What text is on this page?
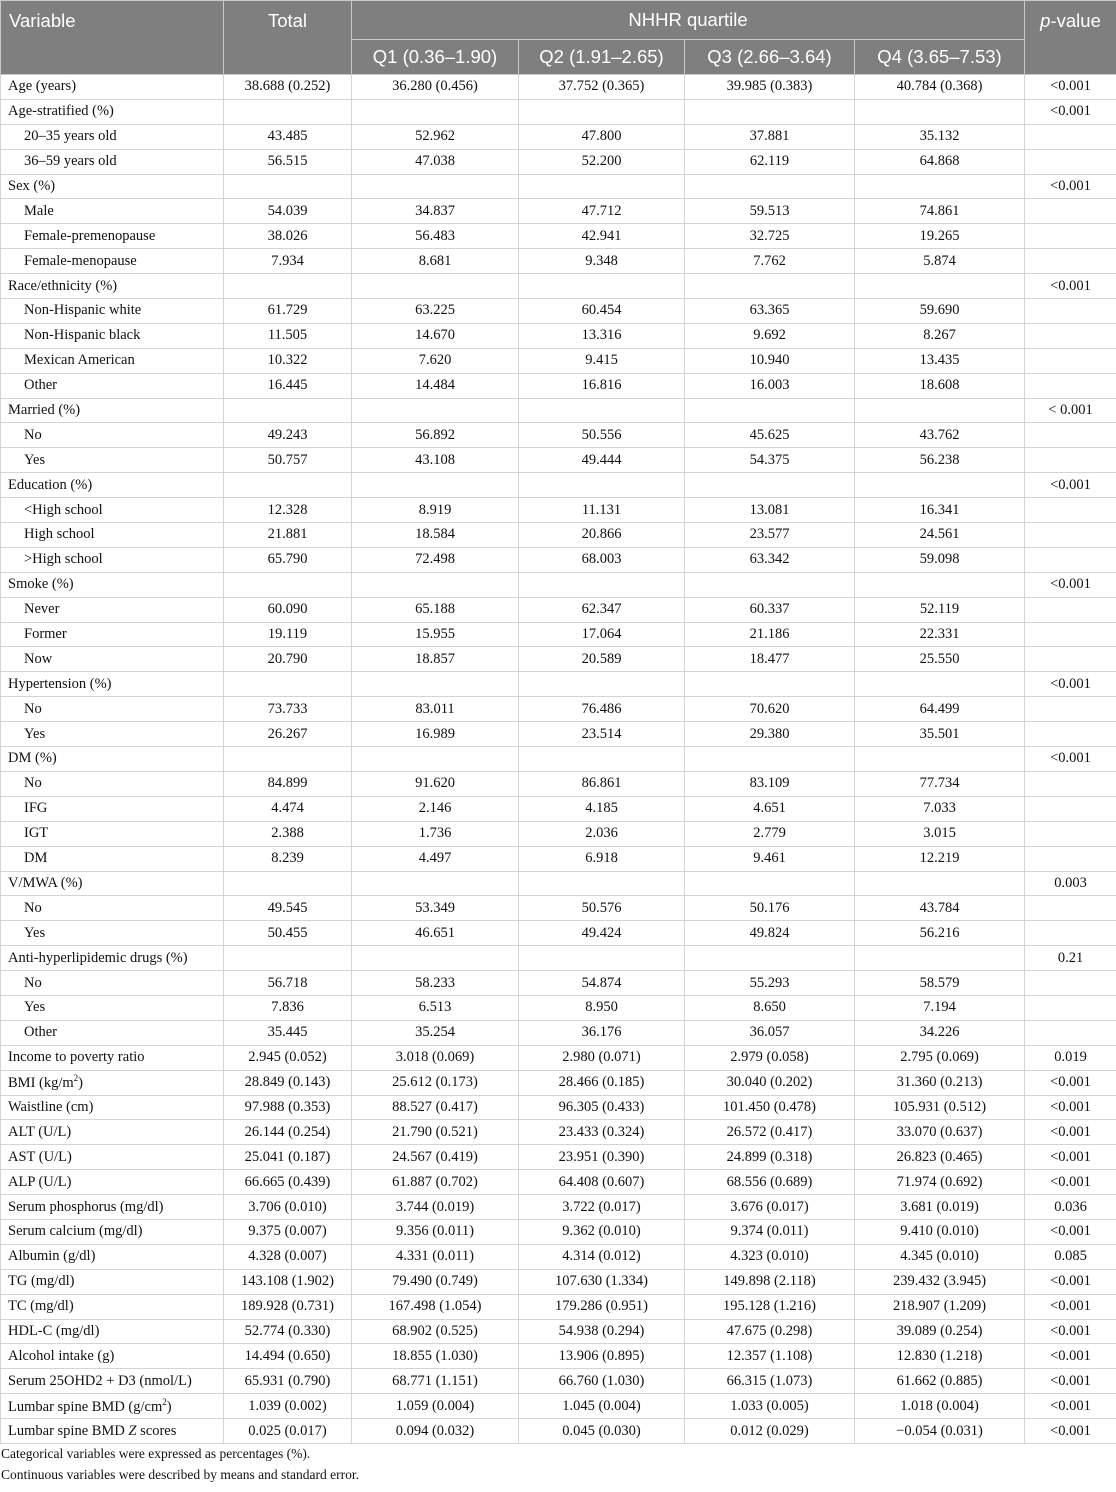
Variable	Total	NHHR quartile				p-value
		Q1 (0.36–1.90)	Q2 (1.91–2.65)	Q3 (2.66–3.64)	Q4 (3.65–7.53)	
Age (years)	38.688 (0.252)	36.280 (0.456)	37.752 (0.365)	39.985 (0.383)	40.784 (0.368)	<0.001
Age-stratified (%)						<0.001
20–35 years old	43.485	52.962	47.800	37.881	35.132	
36–59 years old	56.515	47.038	52.200	62.119	64.868	
Sex (%)						<0.001
Male	54.039	34.837	47.712	59.513	74.861	
Female-premenopause	38.026	56.483	42.941	32.725	19.265	
Female-menopause	7.934	8.681	9.348	7.762	5.874	
Race/ethnicity (%)						<0.001
Non-Hispanic white	61.729	63.225	60.454	63.365	59.690	
Non-Hispanic black	11.505	14.670	13.316	9.692	8.267	
Mexican American	10.322	7.620	9.415	10.940	13.435	
Other	16.445	14.484	16.816	16.003	18.608	
Married (%)						< 0.001
No	49.243	56.892	50.556	45.625	43.762	
Yes	50.757	43.108	49.444	54.375	56.238	
Education (%)						<0.001
<High school	12.328	8.919	11.131	13.081	16.341	
High school	21.881	18.584	20.866	23.577	24.561	
>High school	65.790	72.498	68.003	63.342	59.098	
Smoke (%)						<0.001
Never	60.090	65.188	62.347	60.337	52.119	
Former	19.119	15.955	17.064	21.186	22.331	
Now	20.790	18.857	20.589	18.477	25.550	
Hypertension (%)						<0.001
No	73.733	83.011	76.486	70.620	64.499	
Yes	26.267	16.989	23.514	29.380	35.501	
DM (%)						<0.001
No	84.899	91.620	86.861	83.109	77.734	
IFG	4.474	2.146	4.185	4.651	7.033	
IGT	2.388	1.736	2.036	2.779	3.015	
DM	8.239	4.497	6.918	9.461	12.219	
V/MWA (%)						0.003
No	49.545	53.349	50.576	50.176	43.784	
Yes	50.455	46.651	49.424	49.824	56.216	
Anti-hyperlipidemic drugs (%)						0.21
No	56.718	58.233	54.874	55.293	58.579	
Yes	7.836	6.513	8.950	8.650	7.194	
Other	35.445	35.254	36.176	36.057	34.226	
Income to poverty ratio	2.945 (0.052)	3.018 (0.069)	2.980 (0.071)	2.979 (0.058)	2.795 (0.069)	0.019
BMI $(kg/m^2)$	28.849 (0.143)	25.612 (0.173)	28.466 (0.185)	30.040 (0.202)	31.360 (0.213)	<0.001
Waistline (cm)	97.988 (0.353)	88.527 (0.417)	96.305 (0.433)	101.450 (0.478)	105.931 (0.512)	<0.001
ALT (U/L)	26.144 (0.254)	21.790 (0.521)	23.433 (0.324)	26.572 (0.417)	33.070 (0.637)	<0.001
AST (U/L)	25.041 (0.187)	24.567 (0.419)	23.951 (0.390)	24.899 (0.318)	26.823 (0.465)	<0.001
ALP (U/L)	66.665 (0.439)	61.887 (0.702)	64.408 (0.607)	68.556 (0.689)	71.974 (0.692)	<0.001
Serum phosphorus (mg/dl)	3.706 (0.010)	3.744 (0.019)	3.722 (0.017)	3.676 (0.017)	3.681 (0.019)	0.036
Serum calcium (mg/dl)	9.375 (0.007)	9.356 (0.011)	9.362 (0.010)	9.374 (0.011)	9.410 (0.010)	<0.001
Albumin (g/dl)	4.328 (0.007)	4.331 (0.011)	4.314 (0.012)	4.323 (0.010)	4.345 (0.010)	0.085
TG (mg/dl)	143.108 (1.902)	79.490 (0.749)	107.630 (1.334)	149.898 (2.118)	239.432 (3.945)	<0.001
TC (mg/dl)	189.928 (0.731)	167.498 (1.054)	179.286 (0.951)	195.128 (1.216)	218.907 (1.209)	<0.001
HDL-C (mg/dl)	52.774 (0.330)	68.902 (0.525)	54.938 (0.294)	47.675 (0.298)	39.089 (0.254)	<0.001
Alcohol intake (g)	14.494 (0.650)	18.855 (1.030)	13.906 (0.895)	12.357 (1.108)	12.830 (1.218)	<0.001
Serum 25OHD2 + D3 (nmol/L)	65.931 (0.790)	68.771 (1.151)	66.760 (1.030)	66.315 (1.073)	61.662 (0.885)	<0.001
Lumbar spine BMD $(g/cm^2)$	1.039 (0.002)	1.059 (0.004)	1.045 (0.004)	1.033 (0.005)	1.018 (0.004)	<0.001
Lumbar spine BMD Z scores	0.025 (0.017)	0.094 (0.032)	0.045 (0.030)	0.012 (0.029)	−0.054 (0.031)	<0.001
Categorical variables were expressed as percentages (%).
Continuous variables were described by means and standard error.
